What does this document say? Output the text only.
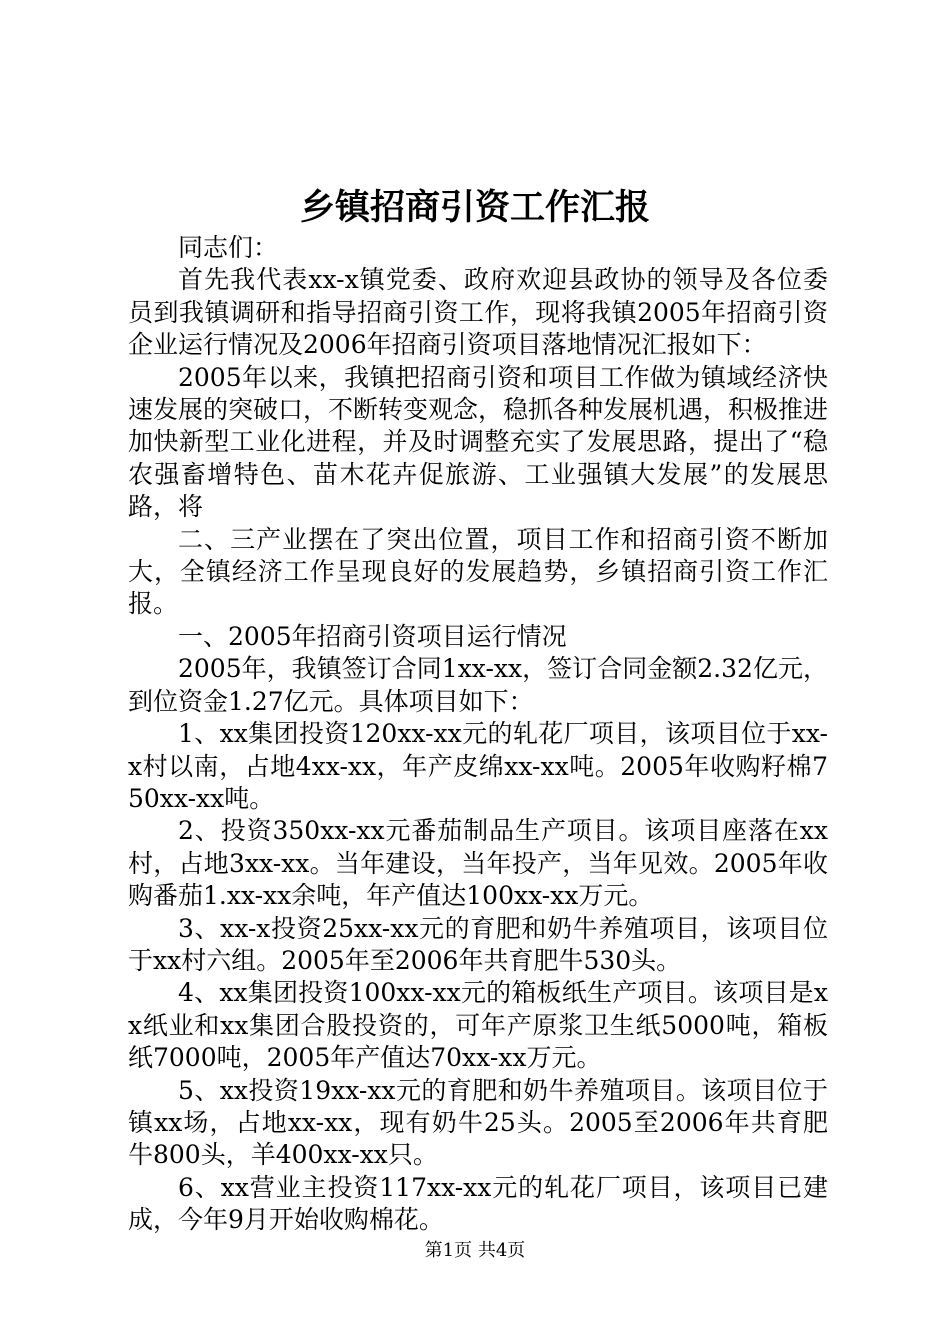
乡镇招商引资工作汇报

同志们：

首先我代表xx-x镇党委、政府欢迎县政协的领导及各位委员到我镇调研和指导招商引资工作，现将我镇2005年招商引资企业运行情况及2006年招商引资项目落地情况汇报如下：

2005年以来，我镇把招商引资和项目工作做为镇域经济快速发展的突破口，不断转变观念，稳抓各种发展机遇，积极推进加快新型工业化进程，并及时调整充实了发展思路，提出了“稳农强畜增特色、苗木花卉促旅游、工业强镇大发展”的发展思路，将

二、三产业摆在了突出位置，项目工作和招商引资不断加大，全镇经济工作呈现良好的发展趋势，乡镇招商引资工作汇报。

一、2005年招商引资项目运行情况

2005年，我镇签订合同1xx-xx，签订合同金额2.32亿元，到位资金1.27亿元。具体项目如下：

1、xx集团投资120xx-xx元的轧花厂项目，该项目位于xx-x村以南，占地4xx-xx，年产皮绵xx-xx吨。2005年收购籽棉750xx-xx吨。

2、投资350xx-xx元番茄制品生产项目。该项目座落在xx村，占地3xx-xx。当年建设，当年投产，当年见效。2005年收购番茄1.xx-xx余吨，年产值达100xx-xx万元。

3、xx-x投资25xx-xx元的育肥和奶牛养殖项目，该项目位于xx村六组。2005年至2006年共育肥牛530头。

4、xx集团投资100xx-xx元的箱板纸生产项目。该项目是xx纸业和xx集团合股投资的，可年产原浆卫生纸5000吨，箱板纸7000吨，2005年产值达70xx-xx万元。

5、xx投资19xx-xx元的育肥和奶牛养殖项目。该项目位于镇xx场，占地xx-xx，现有奶牛25头。2005至2006年共育肥牛800头，羊400xx-xx只。

6、xx营业主投资117xx-xx元的轧花厂项目，该项目已建成，今年9月开始收购棉花。

第1页 共4页
